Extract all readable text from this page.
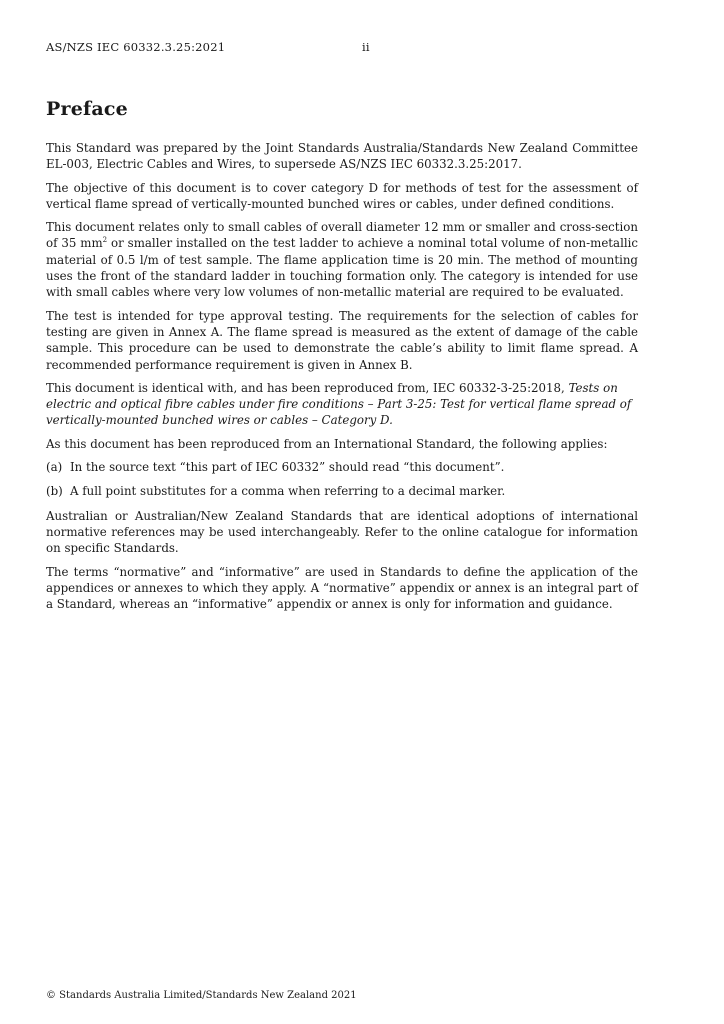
AS/NZS IEC 60332.3.25:2021	ii
Preface

This Standard was prepared by the Joint Standards Australia/Standards New Zealand Committee EL-003, Electric Cables and Wires, to supersede AS/NZS IEC 60332.3.25:2017.

The objective of this document is to cover category D for methods of test for the assessment of vertical flame spread of vertically-mounted bunched wires or cables, under defined conditions.

This document relates only to small cables of overall diameter 12 mm or smaller and cross-section of 35 $mm^2$ or smaller installed on the test ladder to achieve a nominal total volume of non-metallic material of 0.5 l/m of test sample. The flame application time is 20 min. The method of mounting uses the front of the standard ladder in touching formation only. The category is intended for use with small cables where very low volumes of non-metallic material are required to be evaluated.

The test is intended for type approval testing. The requirements for the selection of cables for testing are given in Annex A. The flame spread is measured as the extent of damage of the cable sample. This procedure can be used to demonstrate the cable’s ability to limit flame spread. A recommended performance requirement is given in Annex B.

This document is identical with, and has been reproduced from, IEC 60332-3-25:2018, Tests on electric and optical fibre cables under fire conditions – Part 3-25: Test for vertical flame spread of vertically-mounted bunched wires or cables – Category D.

As this document has been reproduced from an International Standard, the following applies:

(a) In the source text “this part of IEC 60332” should read “this document”.

(b) A full point substitutes for a comma when referring to a decimal marker.

Australian or Australian/New Zealand Standards that are identical adoptions of international normative references may be used interchangeably. Refer to the online catalogue for information on specific Standards.

The terms “normative” and “informative” are used in Standards to define the application of the appendices or annexes to which they apply. A “normative” appendix or annex is an integral part of a Standard, whereas an “informative” appendix or annex is only for information and guidance.

© Standards Australia Limited/Standards New Zealand 2021
